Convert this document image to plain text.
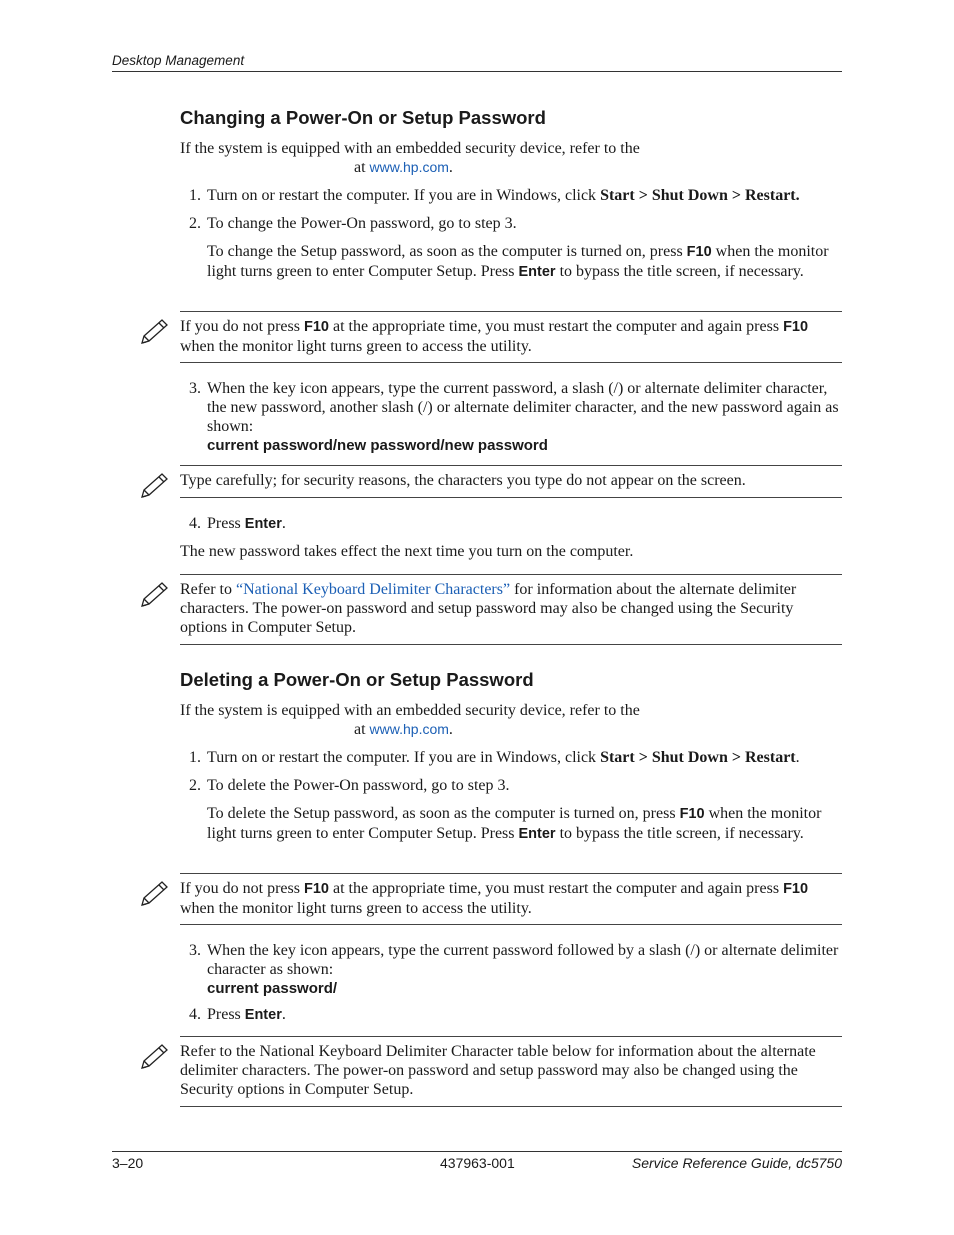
Desktop Management
Changing a Power-On or Setup Password
If the system is equipped with an embedded security device, refer to the
at www.hp.com.
1. Turn on or restart the computer. If you are in Windows, click Start > Shut Down > Restart.
2. To change the Power-On password, go to step 3.
To change the Setup password, as soon as the computer is turned on, press F10 when the monitor light turns green to enter Computer Setup. Press Enter to bypass the title screen, if necessary.
If you do not press F10 at the appropriate time, you must restart the computer and again press F10 when the monitor light turns green to access the utility.
3. When the key icon appears, type the current password, a slash (/) or alternate delimiter character, the new password, another slash (/) or alternate delimiter character, and the new password again as shown:
current password/new password/new password
Type carefully; for security reasons, the characters you type do not appear on the screen.
4. Press Enter.
The new password takes effect the next time you turn on the computer.
Refer to “National Keyboard Delimiter Characters” for information about the alternate delimiter characters. The power-on password and setup password may also be changed using the Security options in Computer Setup.
Deleting a Power-On or Setup Password
If the system is equipped with an embedded security device, refer to the
at www.hp.com.
1. Turn on or restart the computer. If you are in Windows, click Start > Shut Down > Restart.
2. To delete the Power-On password, go to step 3.
To delete the Setup password, as soon as the computer is turned on, press F10 when the monitor light turns green to enter Computer Setup. Press Enter to bypass the title screen, if necessary.
If you do not press F10 at the appropriate time, you must restart the computer and again press F10 when the monitor light turns green to access the utility.
3. When the key icon appears, type the current password followed by a slash (/) or alternate delimiter character as shown:
current password/
4. Press Enter.
Refer to the National Keyboard Delimiter Character table below for information about the alternate delimiter characters. The power-on password and setup password may also be changed using the Security options in Computer Setup.
3–20	437963-001	Service Reference Guide, dc5750
